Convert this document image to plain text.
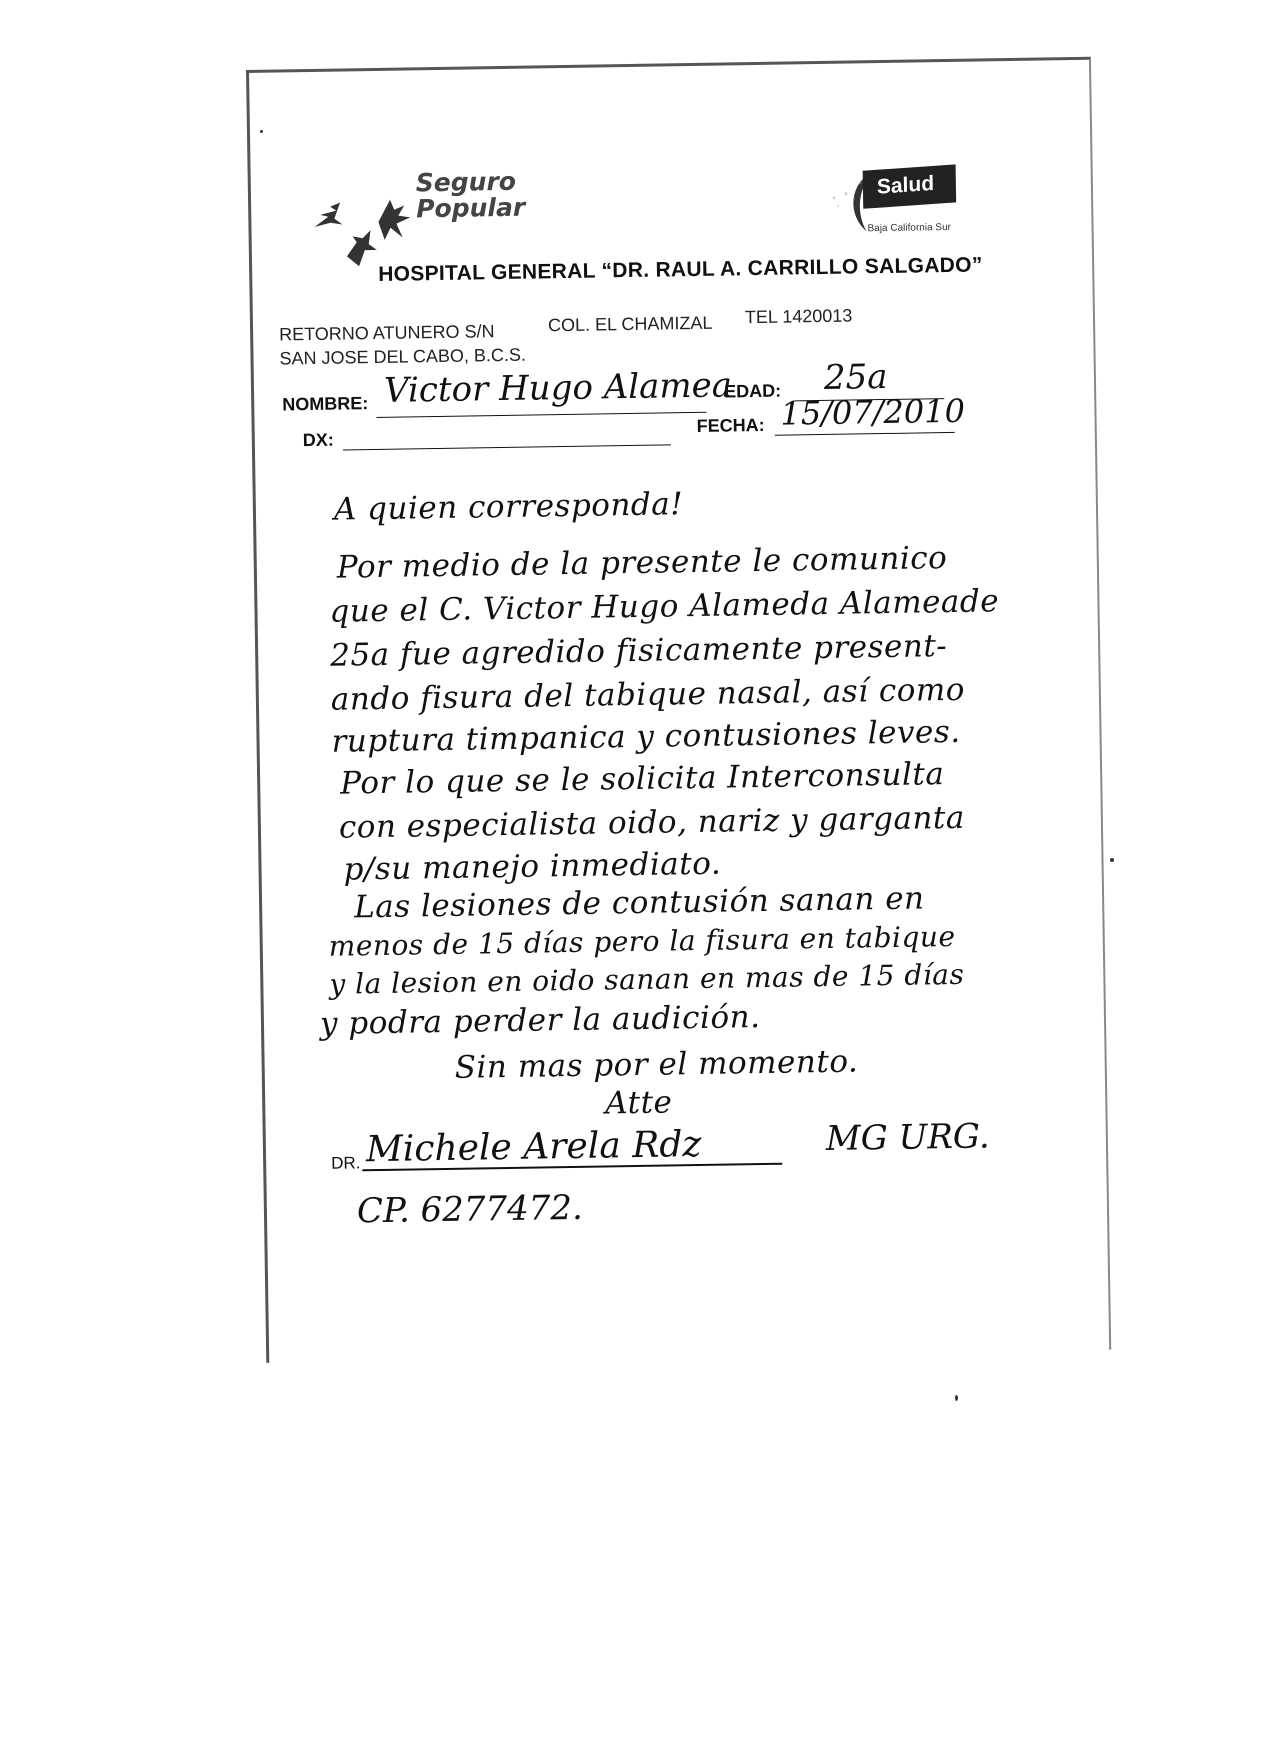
Seguro
Popular
Salud
Baja California Sur
HOSPITAL GENERAL “DR. RAUL A. CARRILLO SALGADO”
RETORNO ATUNERO S/N
SAN JOSE DEL CABO, B.C.S.
COL. EL CHAMIZAL TEL 1420013
NOMBRE: Victor Hugo Alamea
EDAD: 25a
DX:
FECHA: 15/07/2010
A quien corresponda!
Por medio de la presente le comunico
que el C. Victor Hugo Alameda Alameade
25a fue agredido fisicamente present-
ando fisura del tabique nasal, así como
ruptura timpanica y contusiones leves.
Por lo que se le solicita Interconsulta
con especialista oido, nariz y garganta
p/su manejo inmediato.
Las lesiones de contusión sanan en
menos de 15 días pero la fisura en tabique
y la lesion en oido sanan en mas de 15 días
y podra perder la audición.
Sin mas por el momento.
Atte
DR. Michele Arela Rdz	MG URG.
CP. 6277472.
